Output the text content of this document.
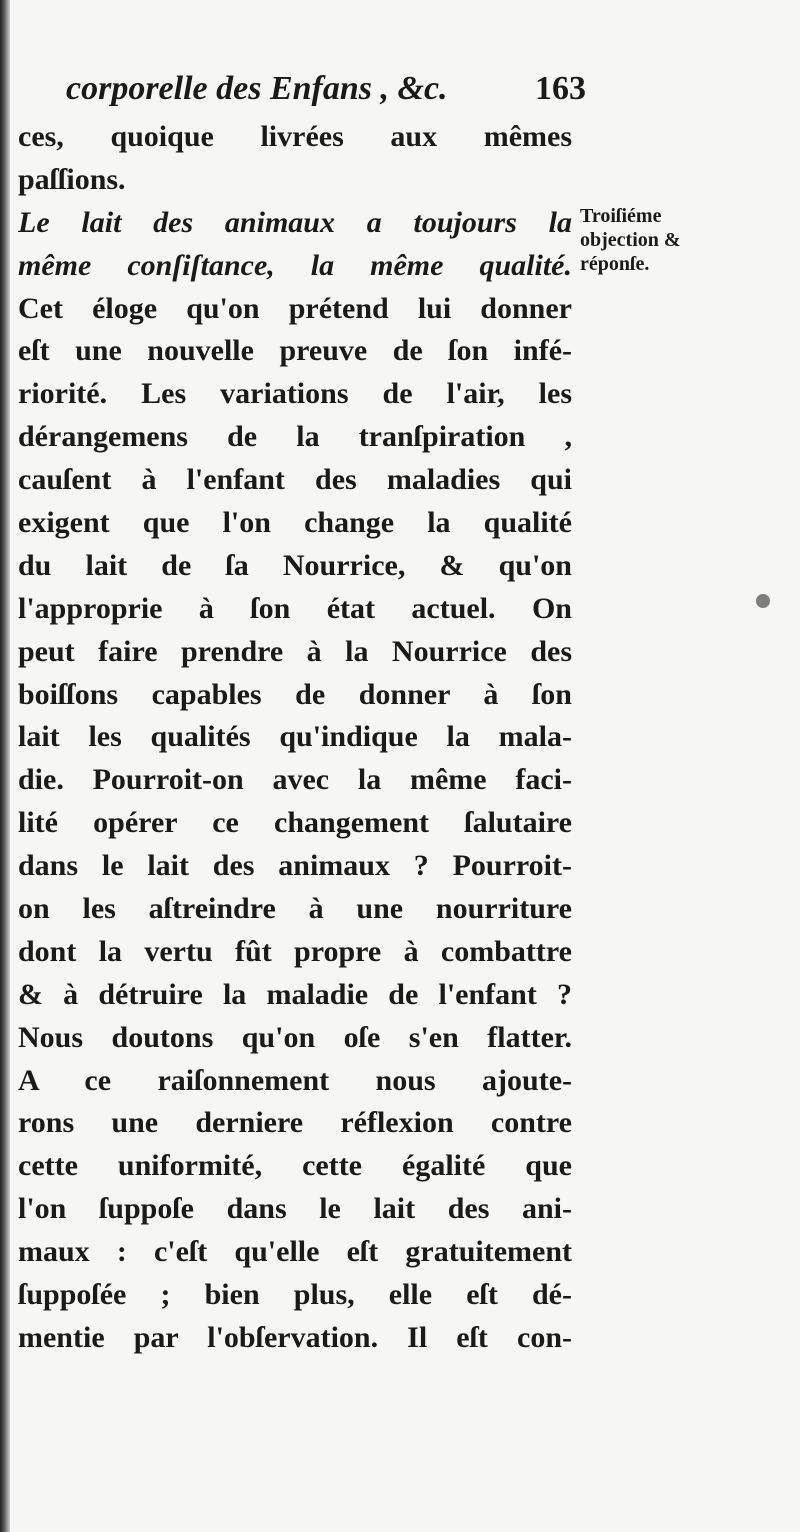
corporelle des Enfans , &c.	163
Troiſiéme
objection &
réponſe.
ces, quoique livrées aux mêmes
paſſions.
Le lait des animaux a toujours la
même conſiſtance, la même qualité.
Cet éloge qu'on prétend lui donner
eſt une nouvelle preuve de ſon infé-
riorité. Les variations de l'air, les
dérangemens de la tranſpiration ,
cauſent à l'enfant des maladies qui
exigent que l'on change la qualité
du lait de ſa Nourrice, & qu'on
l'approprie à ſon état actuel. On
peut faire prendre à la Nourrice des
boiſſons capables de donner à ſon
lait les qualités qu'indique la mala-
die. Pourroit-on avec la même faci-
lité opérer ce changement ſalutaire
dans le lait des animaux ? Pourroit-
on les aſtreindre à une nourriture
dont la vertu fût propre à combattre
& à détruire la maladie de l'enfant ?
Nous doutons qu'on oſe s'en flatter.
A ce raiſonnement nous ajoute-
rons une derniere réflexion contre
cette uniformité, cette égalité que
l'on ſuppoſe dans le lait des ani-
maux : c'eſt qu'elle eſt gratuitement
ſuppoſée ; bien plus, elle eſt dé-
mentie par l'obſervation. Il eſt con-
